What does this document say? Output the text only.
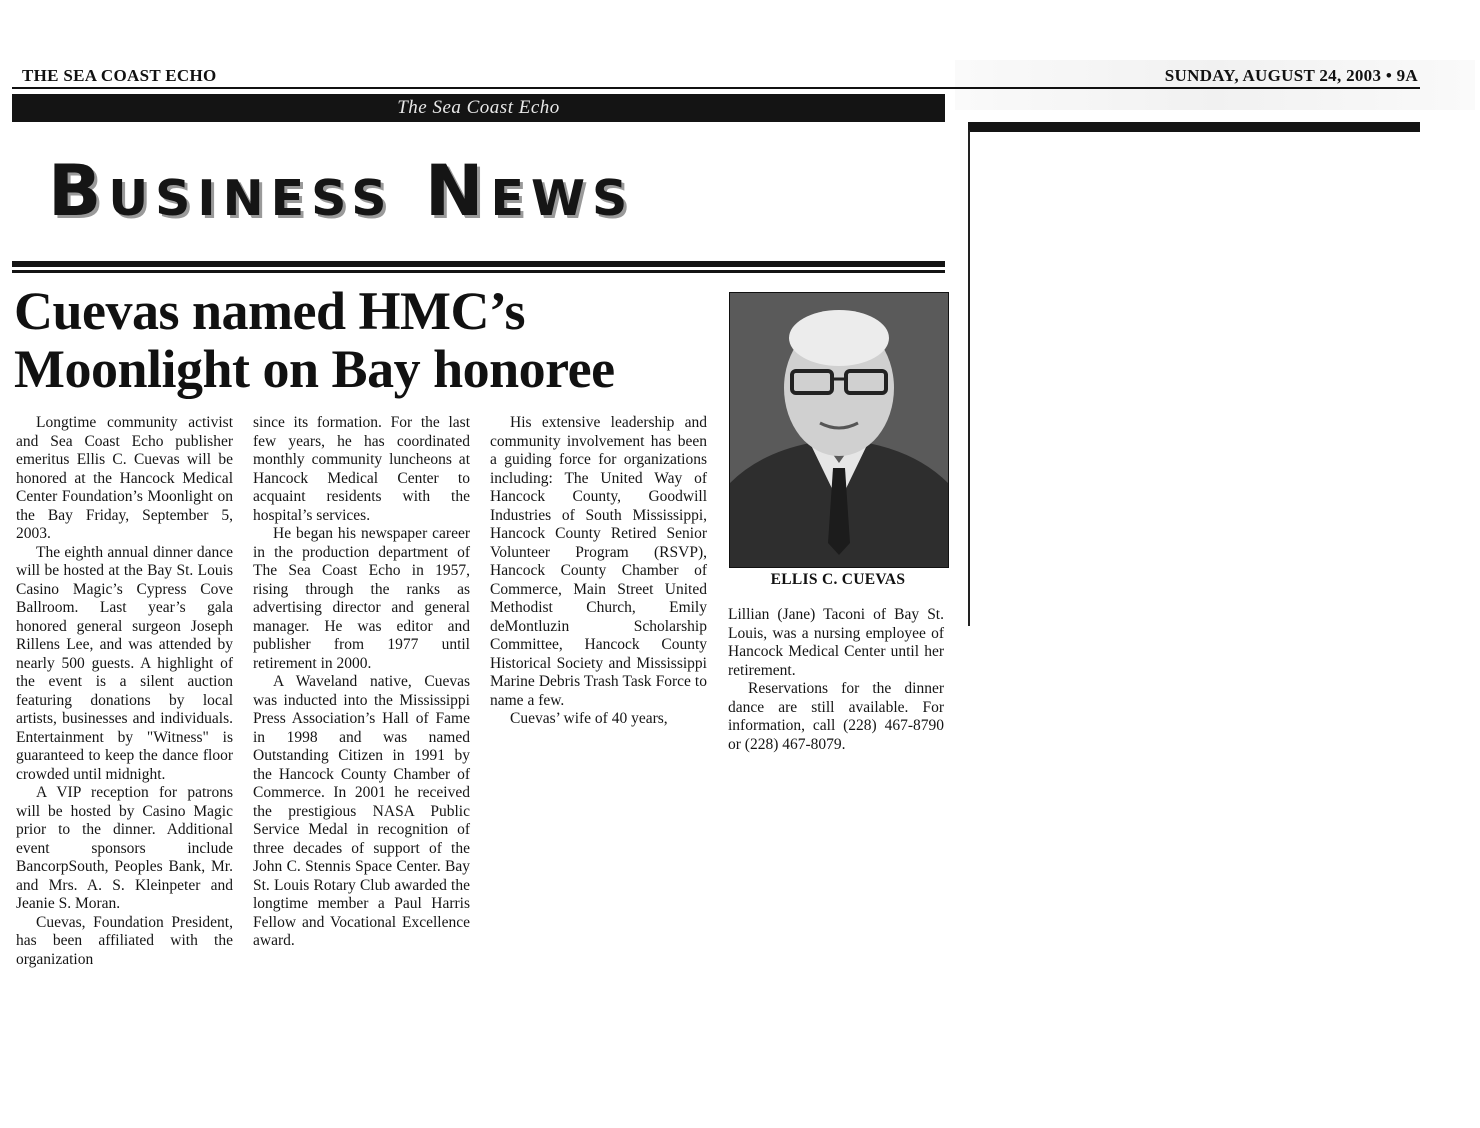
THE SEA COAST ECHO	SUNDAY, AUGUST 24, 2003 • 9A
The Sea Coast Echo
Business News
Cuevas named HMC’s
Moonlight on Bay honoree

Longtime community activist and Sea Coast Echo publisher emeritus Ellis C. Cuevas will be honored at the Hancock Medical Center Foundation’s Moonlight on the Bay Friday, September 5, 2003.

The eighth annual dinner dance will be hosted at the Bay St. Louis Casino Magic’s Cypress Cove Ballroom. Last year’s gala honored general surgeon Joseph Rillens Lee, and was attended by nearly 500 guests. A highlight of the event is a silent auction featuring donations by local artists, businesses and individuals. Entertainment by "Witness" is guaranteed to keep the dance floor crowded until midnight.

A VIP reception for patrons will be hosted by Casino Magic prior to the dinner. Additional event sponsors include BancorpSouth, Peoples Bank, Mr. and Mrs. A. S. Kleinpeter and Jeanie S. Moran.

Cuevas, Foundation President, has been affiliated with the organization

since its formation. For the last few years, he has coordinated monthly community luncheons at Hancock Medical Center to acquaint residents with the hospital’s services.

He began his newspaper career in the production department of The Sea Coast Echo in 1957, rising through the ranks as advertising director and general manager. He was editor and publisher from 1977 until retirement in 2000.

A Waveland native, Cuevas was inducted into the Mississippi Press Association’s Hall of Fame in 1998 and was named Outstanding Citizen in 1991 by the Hancock County Chamber of Commerce. In 2001 he received the prestigious NASA Public Service Medal in recognition of three decades of support of the John C. Stennis Space Center. Bay St. Louis Rotary Club awarded the longtime member a Paul Harris Fellow and Vocational Excellence award.

His extensive leadership and community involvement has been a guiding force for organizations including: The United Way of Hancock County, Goodwill Industries of South Mississippi, Hancock County Retired Senior Volunteer Program (RSVP), Hancock County Chamber of Commerce, Main Street United Methodist Church, Emily deMontluzin Scholarship Committee, Hancock County Historical Society and Mississippi Marine Debris Trash Task Force to name a few.

Cuevas’ wife of 40 years,

ELLIS C. CUEVAS

Lillian (Jane) Taconi of Bay St. Louis, was a nursing employee of Hancock Medical Center until her retirement.

Reservations for the dinner dance are still available. For information, call (228) 467-8790 or (228) 467-8079.
